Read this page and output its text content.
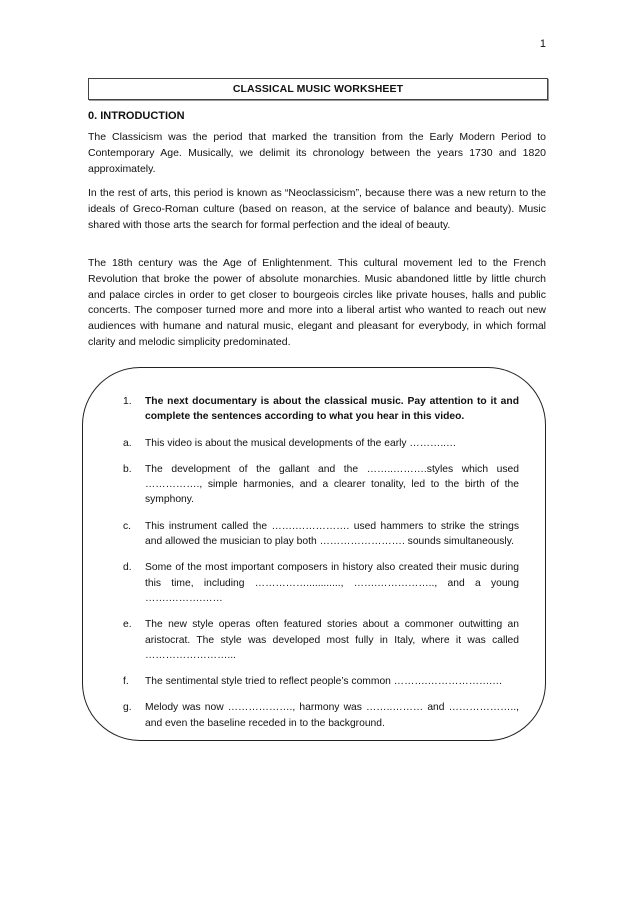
1
CLASSICAL MUSIC WORKSHEET
0. INTRODUCTION

The Classicism was the period that marked the transition from the Early Modern Period to Contemporary Age. Musically, we delimit its chronology between the years 1730 and 1820 approximately.

In the rest of arts, this period is known as “Neoclassicism”, because there was a new return to the ideals of Greco-Roman culture (based on reason, at the service of balance and beauty). Music shared with those arts the search for formal perfection and the ideal of beauty.

The 18th century was the Age of Enlightenment. This cultural movement led to the French Revolution that broke the power of absolute monarchies. Music abandoned little by little church and palace circles in order to get closer to bourgeois circles like private houses, halls and public concerts. The composer turned more and more into a liberal artist who wanted to reach out new audiences with humane and natural music, elegant and pleasant for everybody, in which formal clarity and melodic simplicity predominated.

1. The next documentary is about the classical music. Pay attention to it and complete the sentences according to what you hear in this video.
a. This video is about the musical developments of the early ………..…
b. The development of the gallant and the ……..……….styles which used ……………., simple harmonies, and a clearer tonality, led to the birth of the symphony.
c. This instrument called the …….……………. used hammers to strike the strings and allowed the musician to play both ……………………. sounds simultaneously.
d. Some of the most important composers in history also created their music during this time, including ……………............, …….…………….., and a young …….……….……
e. The new style operas often featured stories about a commoner outwitting an aristocrat. The style was developed most fully in Italy, where it was called ……………………...
f. The sentimental style tried to reflect people’s common ……….……………….…
g. Melody was now ………………., harmony was ……..……… and ……………….., and even the baseline receded in to the background.
